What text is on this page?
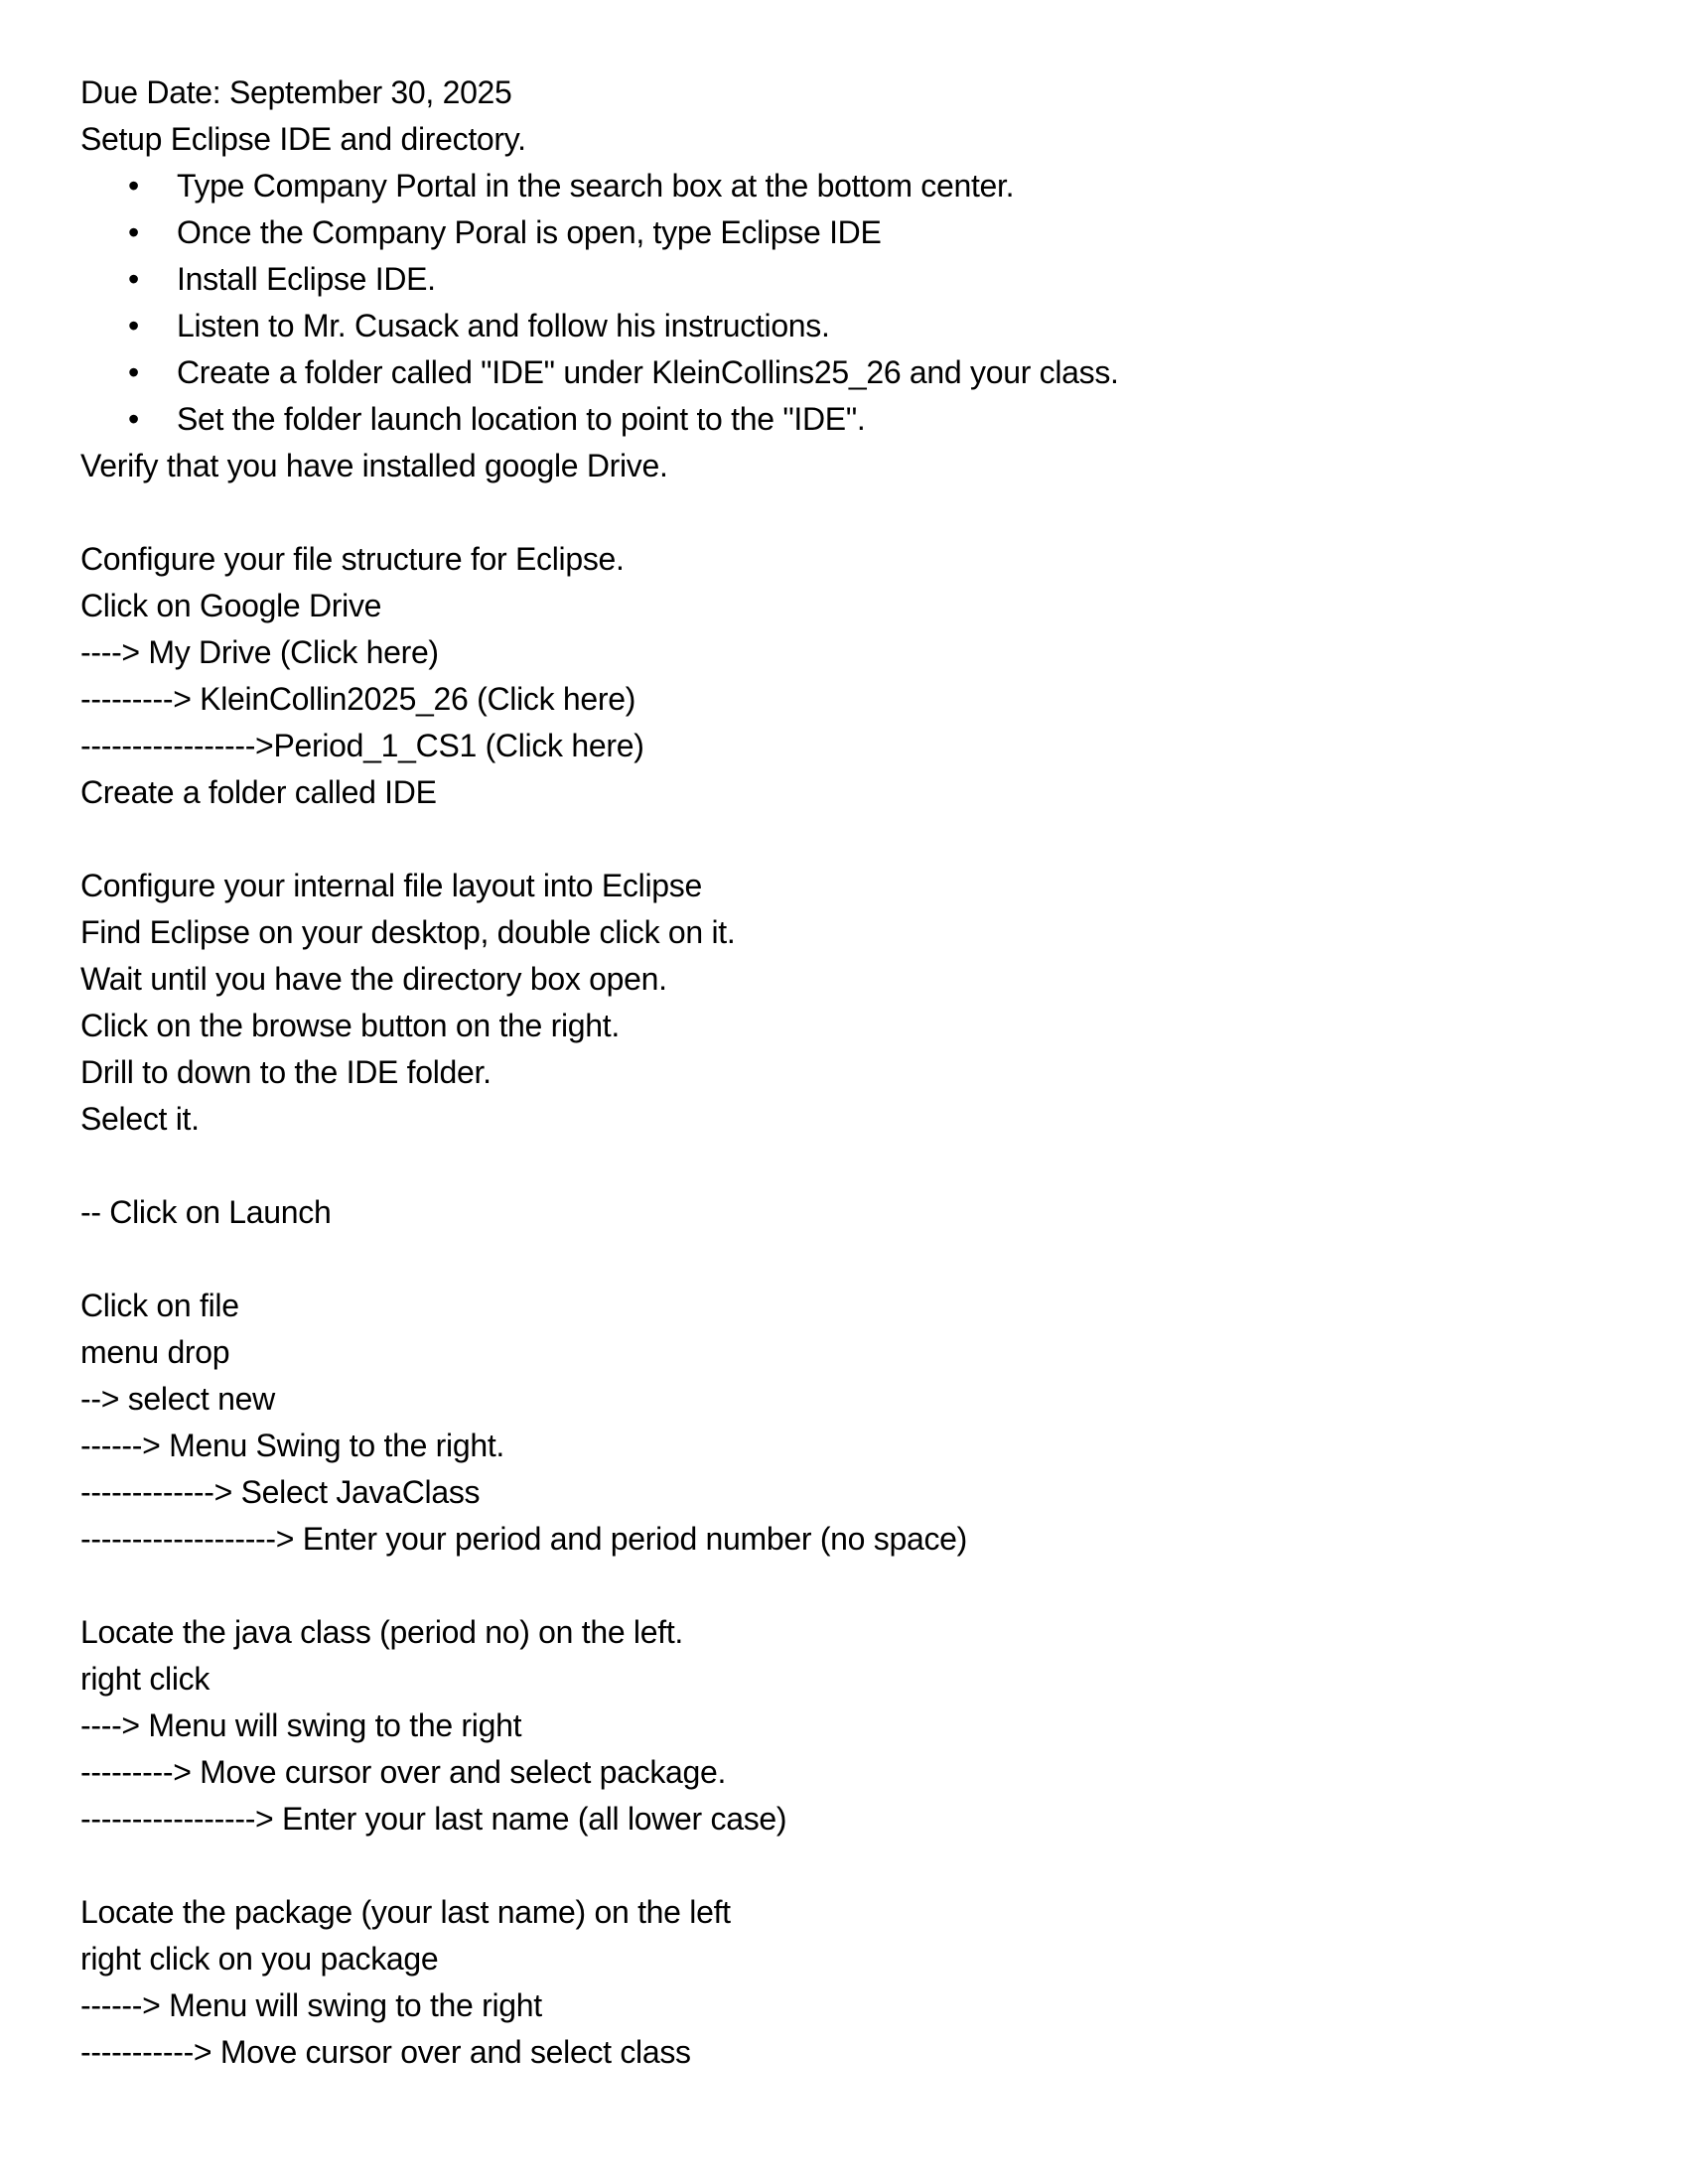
Due Date: September 30, 2025
Setup Eclipse IDE and directory.
•	Type Company Portal in the search box at the bottom center.
•	Once the Company Poral is open, type Eclipse IDE
•	Install Eclipse IDE.
•	Listen to Mr. Cusack and follow his instructions.
•	Create a folder called "IDE" under KleinCollins25_26 and your class.
•	Set the folder launch location to point to the "IDE".
Verify that you have installed google Drive.
Configure your file structure for Eclipse.
Click on Google Drive
----> My Drive (Click here)
---------> KleinCollin2025_26 (Click here)
----------------->Period_1_CS1 (Click here)
Create a folder called IDE
Configure your internal file layout into Eclipse
Find Eclipse on your desktop, double click on it.
Wait until you have the directory box open.
Click on the browse button on the right.
Drill to down to the IDE folder.
Select it.
-- Click on Launch
Click on file
menu drop
--> select new
------> Menu Swing to the right.
-------------> Select JavaClass
-------------------> Enter your period and period number (no space)
Locate the java class (period no) on the left.
right click
----> Menu will swing to the right
---------> Move cursor over and select package.
-----------------> Enter your last name (all lower case)
Locate the package (your last name) on the left
right click on you package
------> Menu will swing to the right
-----------> Move cursor over and select class
